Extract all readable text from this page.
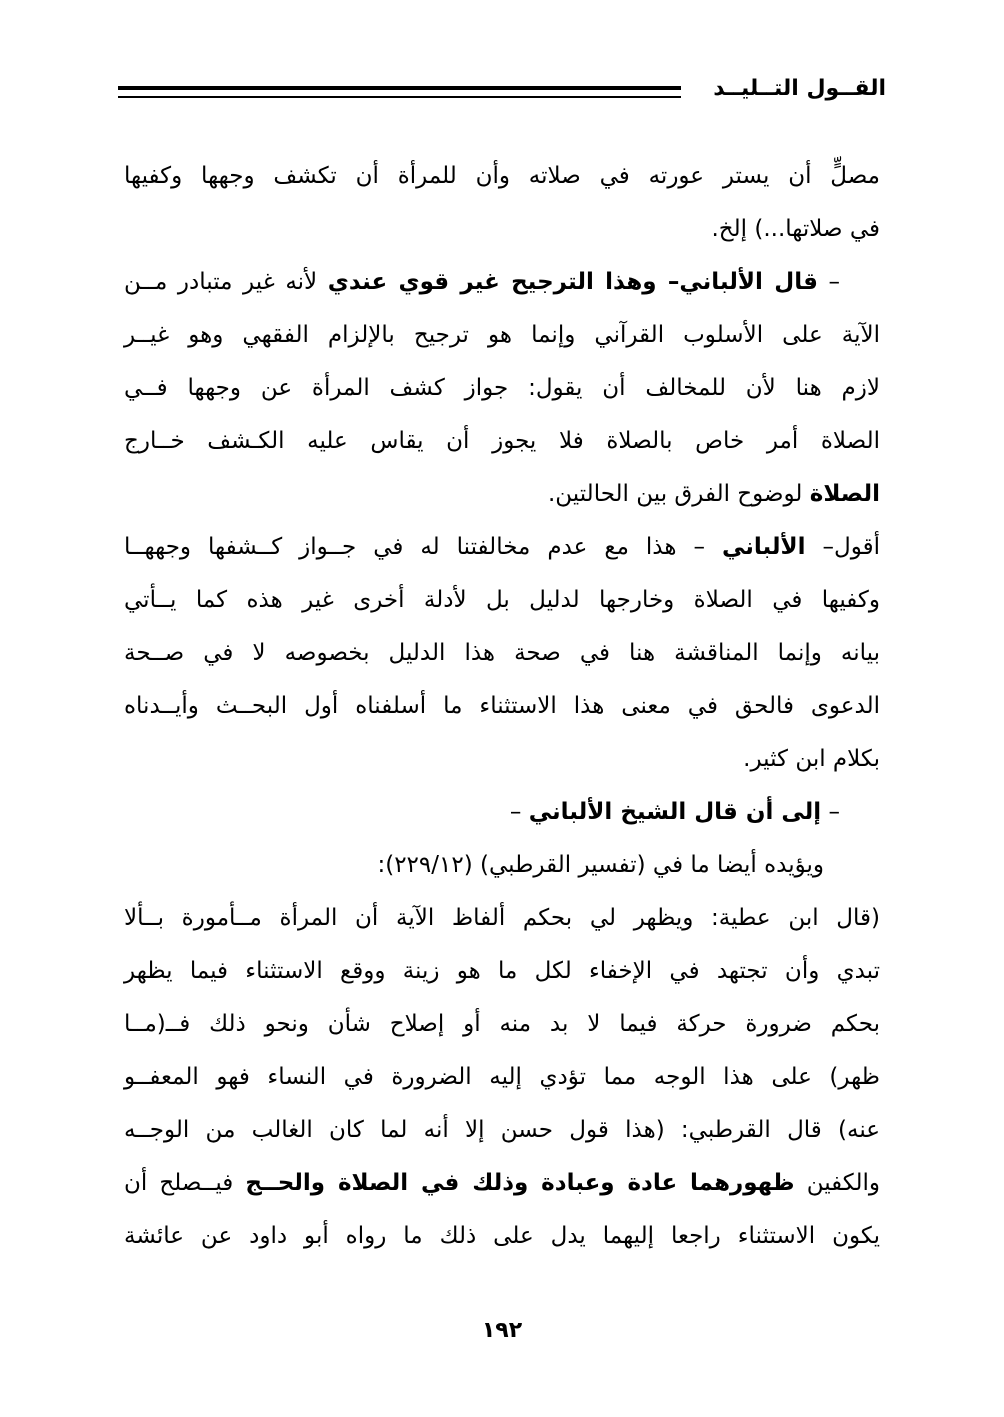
القــول التــليــد
مصلٍّ أن يستر عورته في صلاته وأن للمرأة أن تكشف وجهها وكفيها
في صلاتها...) إلخ.
– قال الألباني– وهذا الترجيح غير قوي عندي لأنه غير متبادر مــن
الآية على الأسلوب القرآني وإنما هو ترجيح بالإلزام الفقهي وهو غيــر
لازم هنا لأن للمخالف أن يقول: جواز كشف المرأة عن وجهها فــي
الصلاة أمر خاص بالصلاة فلا يجوز أن يقاس عليه الكـشف خــارج
الصلاة لوضوح الفرق بين الحالتين.
أقول– الألباني – هذا مع عدم مخالفتنا له في جــواز كــشفها وجههــا
وكفيها في الصلاة وخارجها لدليل بل لأدلة أخرى غير هذه كما يــأتي
بيانه وإنما المناقشة هنا في صحة هذا الدليل بخصوصه لا في صــحة
الدعوى فالحق في معنى هذا الاستثناء ما أسلفناه أول البحــث وأيــدناه
بكلام ابن كثير.
– إلى أن قال الشيخ الألباني –
ويؤيده أيضا ما في (تفسير القرطبي) (٢٢٩/١٢):
(قال ابن عطية: ويظهر لي بحكم ألفاظ الآية أن المرأة مــأمورة بــألا
تبدي وأن تجتهد في الإخفاء لكل ما هو زينة ووقع الاستثناء فيما يظهر
بحكم ضرورة حركة فيما لا بد منه أو إصلاح شأن ونحو ذلك فــ(مــا
ظهر) على هذا الوجه مما تؤدي إليه الضرورة في النساء فهو المعفــو
عنه) قال القرطبي: (هذا قول حسن إلا أنه لما كان الغالب من الوجــه
والكفين ظهورهما عادة وعبادة وذلك في الصلاة والحــج فيــصلح أن
يكون الاستثناء راجعا إليهما يدل على ذلك ما رواه أبو داود عن عائشة
١٩٢
